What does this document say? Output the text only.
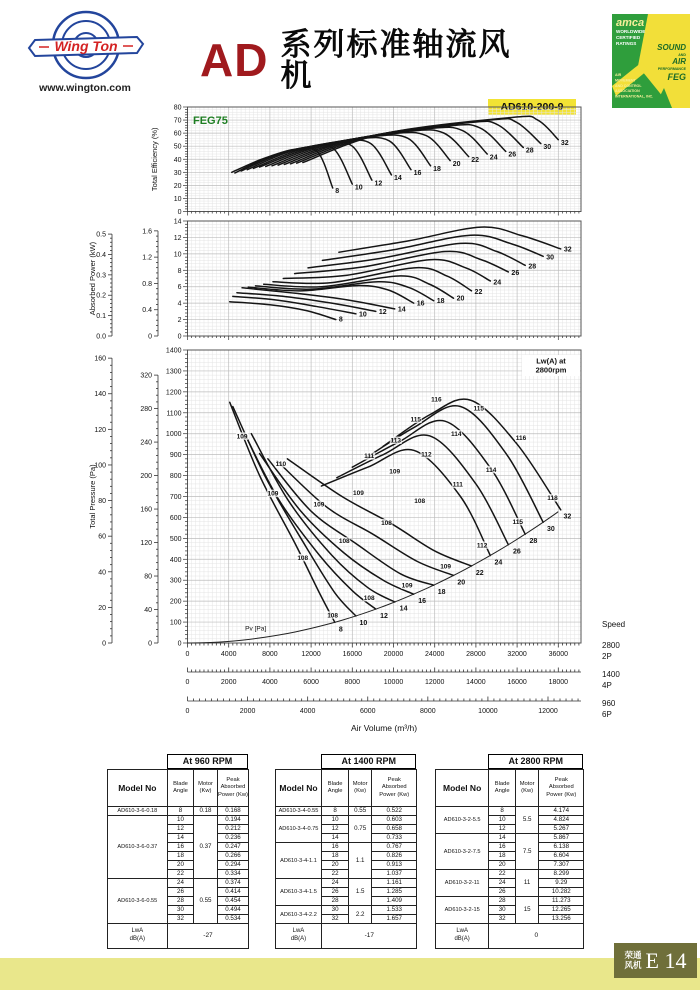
Wing Ton
www.wington.com
AD 系列标准轴流风机
amca
WORLDWIDE
CERTIFIED
RATINGS	SOUND
AND
AIR
PERFORMANCE
FEG
AIR
MOVEMENT
AND CONTROL
ASSOCIATION
INTERNATIONAL, INC.
AD610-200-9
0
10
20
30
40
50
60
70
80
Total Efficiency (%)
8
10
12
14
16
18
20
22 24 26
28
30
32
FEG75
0
2
4
6
8
10
12
14
Absorbed Power (kW)
0.0
0.1
0.2
0.3
0.4
0.5
0
0.4
0.8
1.2
1.6
8
10 12 14
16 18 20
22
24
26
28
30
32
0
100
200
300
400
500
600
700
800
900
1000
1100
1200
1300
1400
Total Pressure (Pa)
0
20
40
60
80
100
120
140
160
0
40
80
120
160
200
240
280
320
8
10
12
14
16
18
20
22
24
26
28
30
32
Pv [Pa]
109
110
109
109
108
108
108
108
109
111
113
115
116
115
114
116
112
114
109
111
108	118
108	115
112
109
109
Lw(A) at
2800rpm
0	4000	8000	12000	16000	20000	24000	28000	32000	36000
2800
2P
0	2000	4000	6000	8000	10000	12000	14000	16000	18000
1400
4P
0	2000	4000	6000	8000	10000	12000
960
6P
Speed
Air Volume (m³/h)
At 960 RPM
Model No	Blade
Angle	Motor
(Kw)	Peak
Absorbed
Power (Kw)
AD610-3-6-0.18	8	0.18	0.168
AD610-3-6-0.37	10	0.37	0.194
	12		0.212
	14		0.236
	16		0.247
	18		0.266
	20		0.294
	22		0.334
AD610-3-6-0.55	24	0.55	0.374
	26		0.414
	28		0.454
	30		0.494
	32		0.534
LwA
dB(A)	-27		
At 1400 RPM
Model No	Blade
Angle	Motor
(Kw)	Peak
Absorbed
Power (Kw)
AD610-3-4-0.55	8	0.55	0.522
AD610-3-4-0.75	10	0.75	0.603
	12		0.658
	14		0.733
AD610-3-4-1.1	16	1.1	0.767
	18		0.826
	20		0.913
	22		1.037
AD610-3-4-1.5	24	1.5	1.161
	26		1.285
	28		1.409
AD610-3-4-2.2	30	2.2	1.533
	32		1.657
LwA
dB(A)	-17		
At 2800 RPM
Model No	Blade
Angle	Motor
(Kw)	Peak
Absorbed
Power (Kw)
AD610-3-2-5.5	8	5.5	4.174
	10		4.824
	12		5.267
AD610-3-2-7.5	14	7.5	5.867
	16		6.138
	18		6.604
	20		7.307
AD610-3-2-11	22	11	8.299
	24		9.29
	26		10.282
AD610-3-2-15	28	15	11.273
	30		12.265
	32		13.256
LwA
dB(A)	0		
荣通
风机 E 14
